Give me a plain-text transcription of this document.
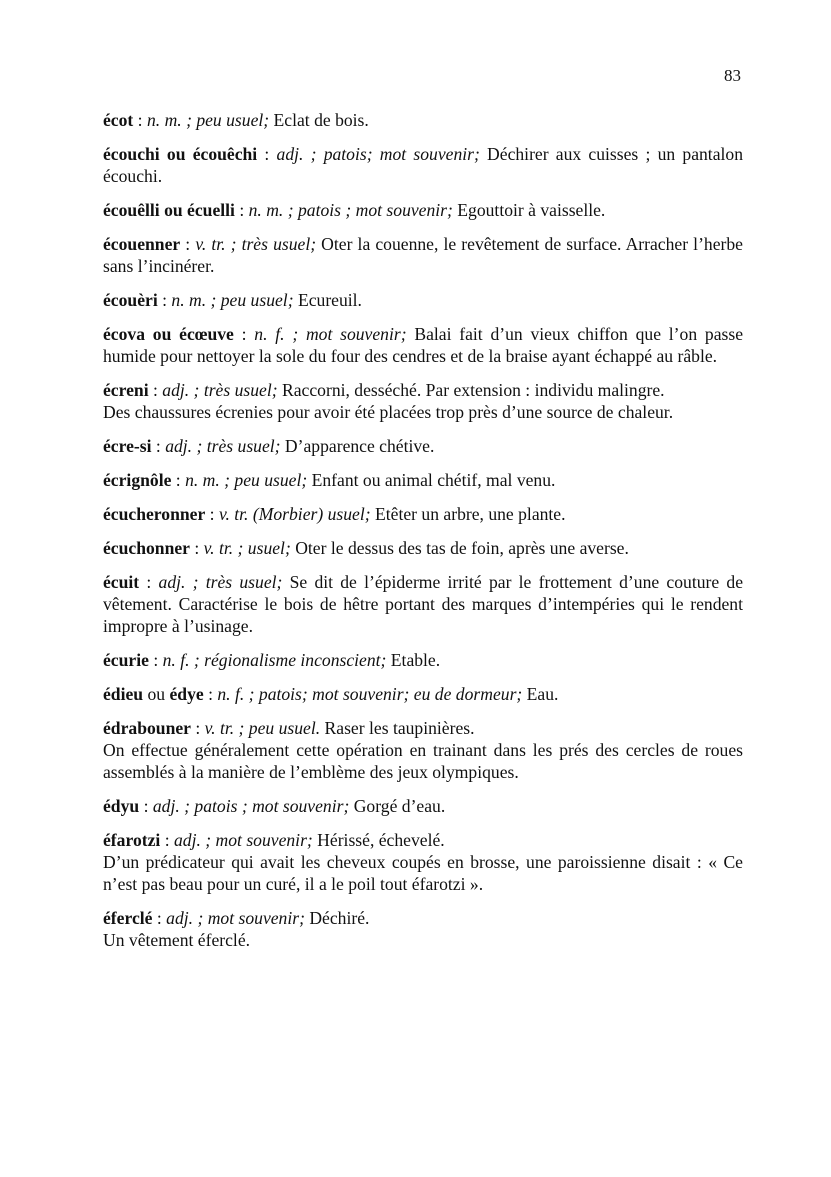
83

écot : n. m. ; peu usuel; Eclat de bois.

écouchi ou écouêchi : adj. ; patois; mot souvenir; Déchirer aux cuisses ; un pantalon écouchi.

écouêlli ou écuelli : n. m. ; patois ; mot souvenir; Egouttoir à vaisselle.

écouenner : v. tr. ; très usuel; Oter la couenne, le revêtement de surface. Arracher l’herbe sans l’incinérer.

écouèri : n. m. ; peu usuel; Ecureuil.

écova ou écœuve : n. f. ; mot souvenir; Balai fait d’un vieux chiffon que l’on passe humide pour nettoyer la sole du four des cendres et de la braise ayant échappé au râble.

écreni : adj. ; très usuel; Raccorni, desséché. Par extension : individu malingre.

Des chaussures écrenies pour avoir été placées trop près d’une source de chaleur.

écre-si : adj. ; très usuel; D’apparence chétive.

écrignôle : n. m. ; peu usuel; Enfant ou animal chétif, mal venu.

écucheronner : v. tr. (Morbier) usuel; Etêter un arbre, une plante.

écuchonner : v. tr. ; usuel; Oter le dessus des tas de foin, après une averse.

écuit : adj. ; très usuel; Se dit de l’épiderme irrité par le frottement d’une couture de vêtement. Caractérise le bois de hêtre portant des marques d’intempéries qui le rendent impropre à l’usinage.

écurie : n. f. ; régionalisme inconscient; Etable.

édieu ou édye : n. f. ; patois; mot souvenir; eu de dormeur; Eau.

édrabouner : v. tr. ; peu usuel. Raser les taupinières.

On effectue généralement cette opération en trainant dans les prés des cercles de roues assemblés à la manière de l’emblème des jeux olympiques.

édyu : adj. ; patois ; mot souvenir; Gorgé d’eau.

éfarotzi : adj. ; mot souvenir; Hérissé, échevelé.

D’un prédicateur qui avait les cheveux coupés en brosse, une paroissienne disait : « Ce n’est pas beau pour un curé, il a le poil tout éfarotzi ».

éferclé : adj. ; mot souvenir; Déchiré.

Un vêtement éferclé.
